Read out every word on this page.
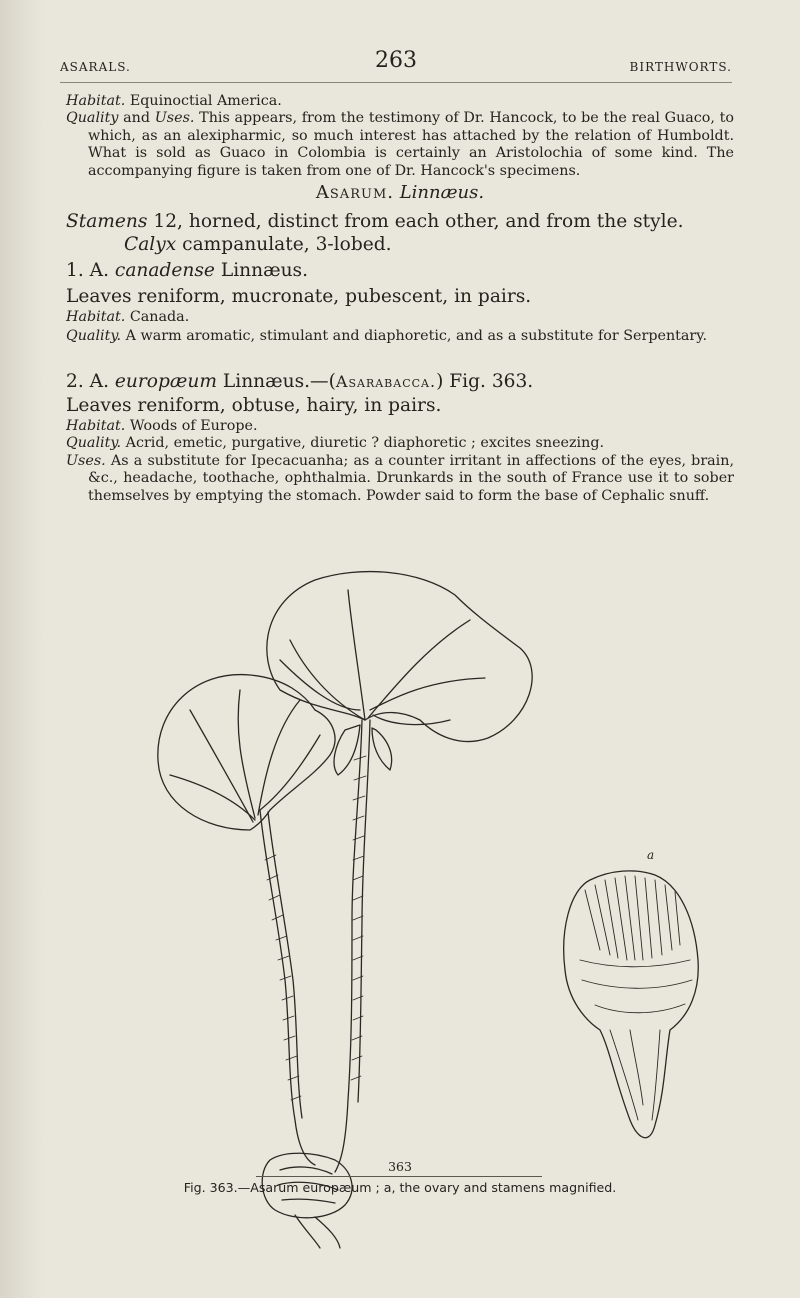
ASARALS.	263	BIRTHWORTS.

Habitat. Equinoctial America.

Quality and Uses. This appears, from the testimony of Dr. Hancock, to be the real Guaco, to which, as an alexipharmic, so much interest has attached by the relation of Humboldt. What is sold as Guaco in Colombia is certainly an Aristolochia of some kind. The accompanying figure is taken from one of Dr. Hancock's specimens.

Asarum. Linnæus.

Stamens 12, horned, distinct from each other, and from the style. Calyx campanulate, 3-lobed.

1. A. canadense Linnæus.

Leaves reniform, mucronate, pubescent, in pairs.

Habitat. Canada.

Quality. A warm aromatic, stimulant and diaphoretic, and as a substitute for Serpentary.

2. A. europæum Linnæus.—(Asarabacca.) Fig. 363.

Leaves reniform, obtuse, hairy, in pairs.

Habitat. Woods of Europe.

Quality. Acrid, emetic, purgative, diuretic ? diaphoretic ; excites sneezing.

Uses. As a substitute for Ipecacuanha; as a counter irritant in affections of the eyes, brain, &c., headache, toothache, ophthalmia. Drunkards in the south of France use it to sober themselves by emptying the stomach. Powder said to form the base of Cephalic snuff.

a
363
Fig. 363.—Asarum europæum ; a, the ovary and stamens magnified.
